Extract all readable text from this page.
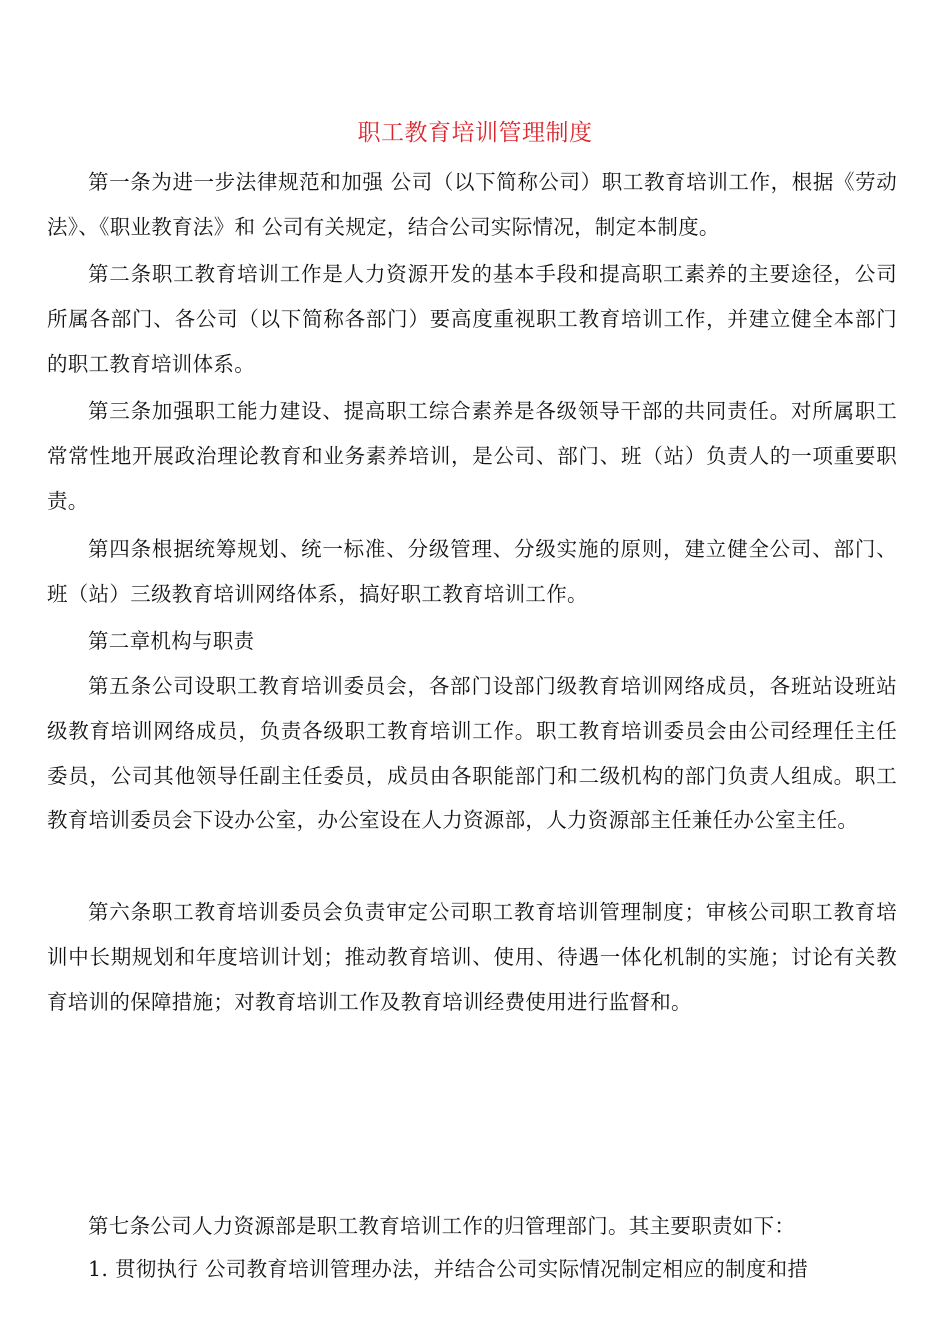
职工教育培训管理制度
第一条为进一步法律规范和加强 公司（以下简称公司）职工教育培训工作，根据《劳动法》、《职业教育法》和 公司有关规定，结合公司实际情况，制定本制度。
第二条职工教育培训工作是人力资源开发的基本手段和提高职工素养的主要途径，公司所属各部门、各公司（以下简称各部门）要高度重视职工教育培训工作，并建立健全本部门的职工教育培训体系。
第三条加强职工能力建设、提高职工综合素养是各级领导干部的共同责任。对所属职工常常性地开展政治理论教育和业务素养培训，是公司、部门、班（站）负责人的一项重要职责。
第四条根据统筹规划、统一标准、分级管理、分级实施的原则，建立健全公司、部门、班（站）三级教育培训网络体系，搞好职工教育培训工作。
第二章机构与职责
第五条公司设职工教育培训委员会，各部门设部门级教育培训网络成员，各班站设班站级教育培训网络成员，负责各级职工教育培训工作。职工教育培训委员会由公司经理任主任委员，公司其他领导任副主任委员，成员由各职能部门和二级机构的部门负责人组成。职工教育培训委员会下设办公室，办公室设在人力资源部，人力资源部主任兼任办公室主任。
第六条职工教育培训委员会负责审定公司职工教育培训管理制度；审核公司职工教育培训中长期规划和年度培训计划；推动教育培训、使用、待遇一体化机制的实施；讨论有关教育培训的保障措施；对教育培训工作及教育培训经费使用进行监督和。
第七条公司人力资源部是职工教育培训工作的归管理部门。其主要职责如下：
1. 贯彻执行 公司教育培训管理办法，并结合公司实际情况制定相应的制度和措
